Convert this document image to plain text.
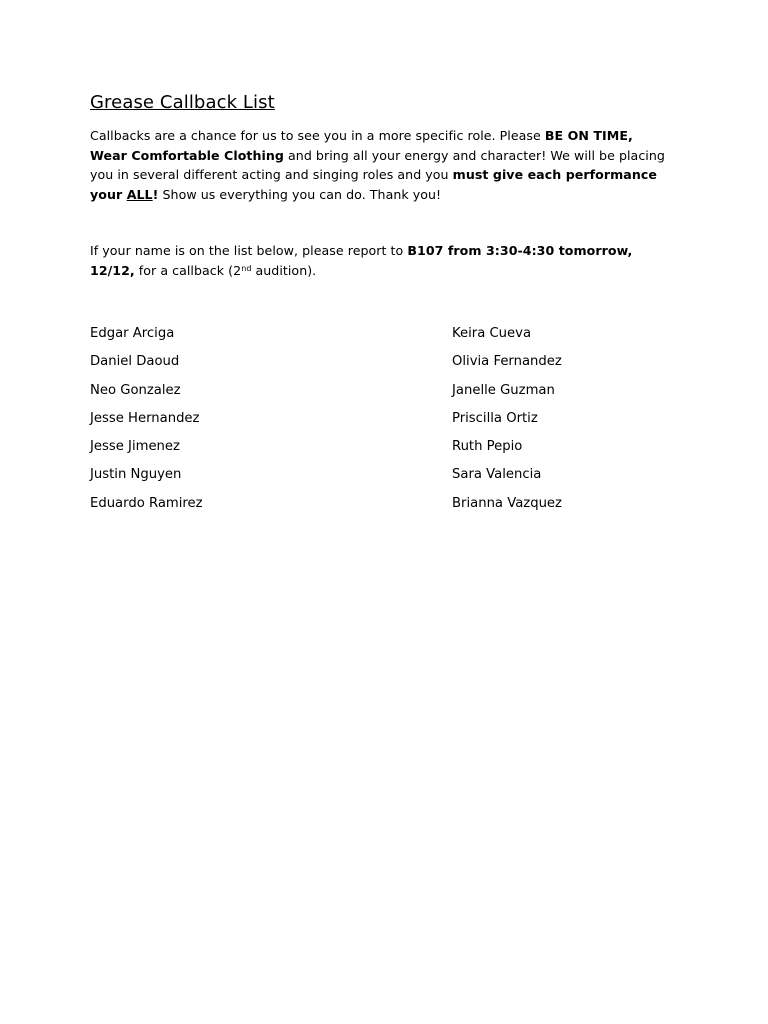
Grease Callback List

Callbacks are a chance for us to see you in a more specific role. Please BE ON TIME, Wear Comfortable Clothing and bring all your energy and character! We will be placing you in several different acting and singing roles and you must give each performance your ALL! Show us everything you can do. Thank you!

If your name is on the list below, please report to B107 from 3:30-4:30 tomorrow, 12/12, for a callback (2nd audition).

Edgar Arciga
Daniel Daoud
Neo Gonzalez
Jesse Hernandez
Jesse Jimenez
Justin Nguyen
Eduardo Ramirez
Keira Cueva
Olivia Fernandez
Janelle Guzman
Priscilla Ortiz
Ruth Pepio
Sara Valencia
Brianna Vazquez
